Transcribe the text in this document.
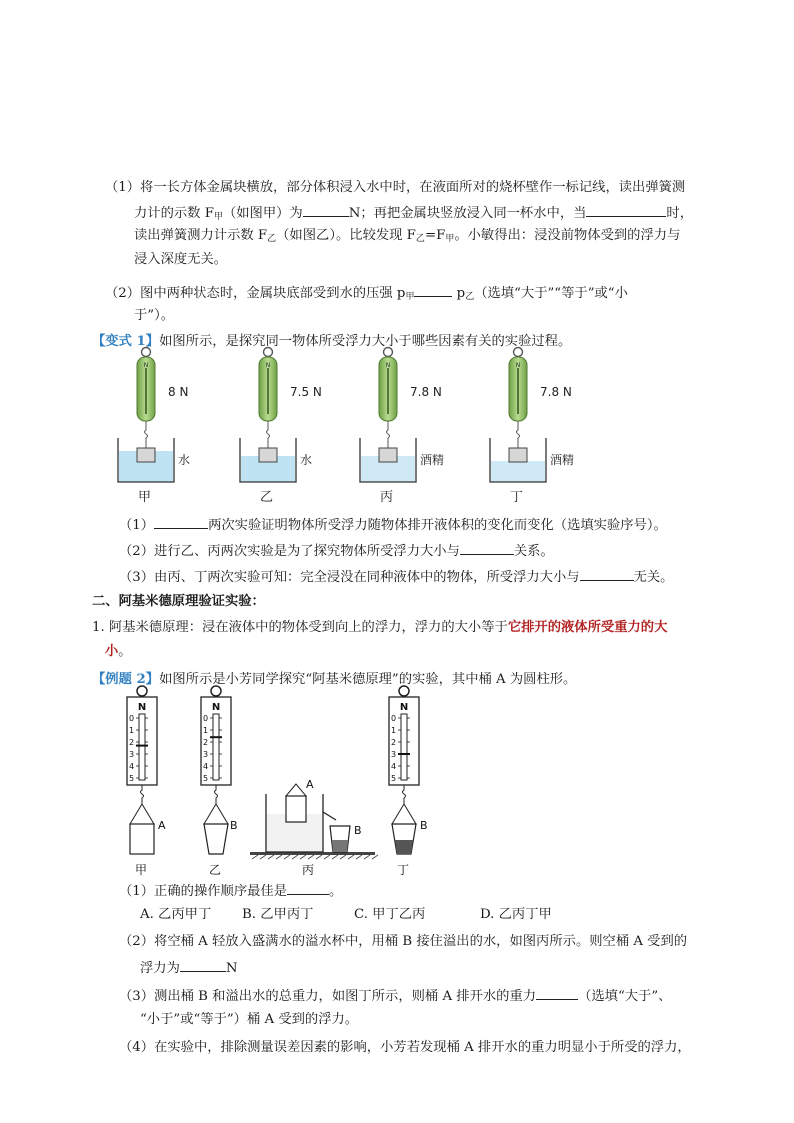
（1）将一长方体金属块横放，部分体积浸入水中时，在液面所对的烧杯壁作一标记线，读出弹簧测
力计的示数 $F_甲$（如图甲）为	N；再把金属块竖放浸入同一杯水中，当	时，
读出弹簧测力计示数 $F_乙$（如图乙）。比较发现 $F_乙=F_甲$。小敏得出：浸没前物体受到的浮力与
浸入深度无关。
（2）图中两种状态时，金属块底部受到水的压强 $p_甲$	$p_乙$（选填“大于”“等于”或“小
于”）。
【变式 1】如图所示，是探究同一物体所受浮力大小于哪些因素有关的实验过程。
N
8 N
水
甲
N
7.5 N
水
乙
N
7.8 N
酒精
丙
N
7.8 N
酒精
丁
（1）	两次实验证明物体所受浮力随物体排开液体积的变化而变化（选填实验序号）。
（2）进行乙、丙两次实验是为了探究物体所受浮力大小与	关系。
（3）由丙、丁两次实验可知：完全浸没在同种液体中的物体，所受浮力大小与	无关。
二、阿基米德原理验证实验：
1. 阿基米德原理：浸在液体中的物体受到向上的浮力，浮力的大小等于它排开的液体所受重力的大
小。
【例题 2】如图所示是小芳同学探究“阿基米德原理”的实验，其中桶 A 为圆柱形。
N
0
1
2
3
4
5
A
甲
N
0
1
2
3
4
5
B
乙
A
B
丙
N
0
1
2
3
4
5
B
丁
（1）正确的操作顺序最佳是	。
A. 乙丙甲丁 B. 乙甲丙丁	C. 甲丁乙丙	D. 乙丙丁甲
（2）将空桶 A 轻放入盛满水的溢水杯中，用桶 B 接住溢出的水，如图丙所示。则空桶 A 受到的
浮力为	N
（3）测出桶 B 和溢出水的总重力，如图丁所示，则桶 A 排开水的重力	（选填“大于”、
“小于”或“等于”）桶 A 受到的浮力。
（4）在实验中，排除测量误差因素的影响，小芳若发现桶 A 排开水的重力明显小于所受的浮力，
